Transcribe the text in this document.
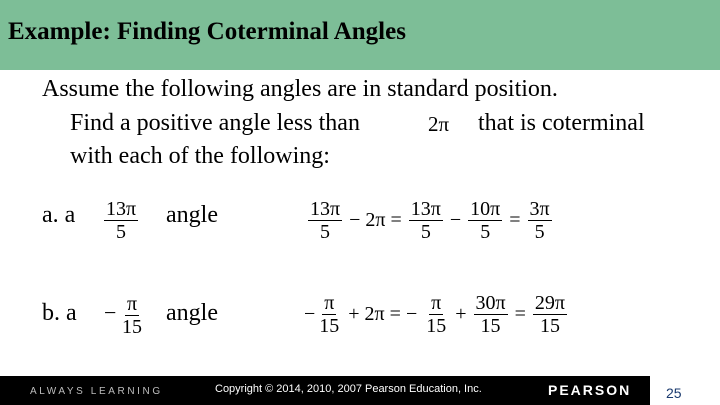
Example: Finding Coterminal Angles
Assume the following angles are in standard position.
Find a positive angle less than	2π that is coterminal
with each of the following:
a. a $\frac{13\pi}{5}$ angle	$\frac{13\pi}{5} - 2\pi = \frac{13\pi}{5} - \frac{10\pi}{5} = \frac{3\pi}{5}$
b. $a - \frac{\pi}{15}$ angle	− $\frac{\pi}{15} + 2\pi$ = − $\frac{\pi}{15} + \frac{30\pi}{15} = \frac{29\pi}{15}$
ALWAYS LEARNING	Copyright © 2014, 2010, 2007 Pearson Education, Inc.	PEARSON 25
